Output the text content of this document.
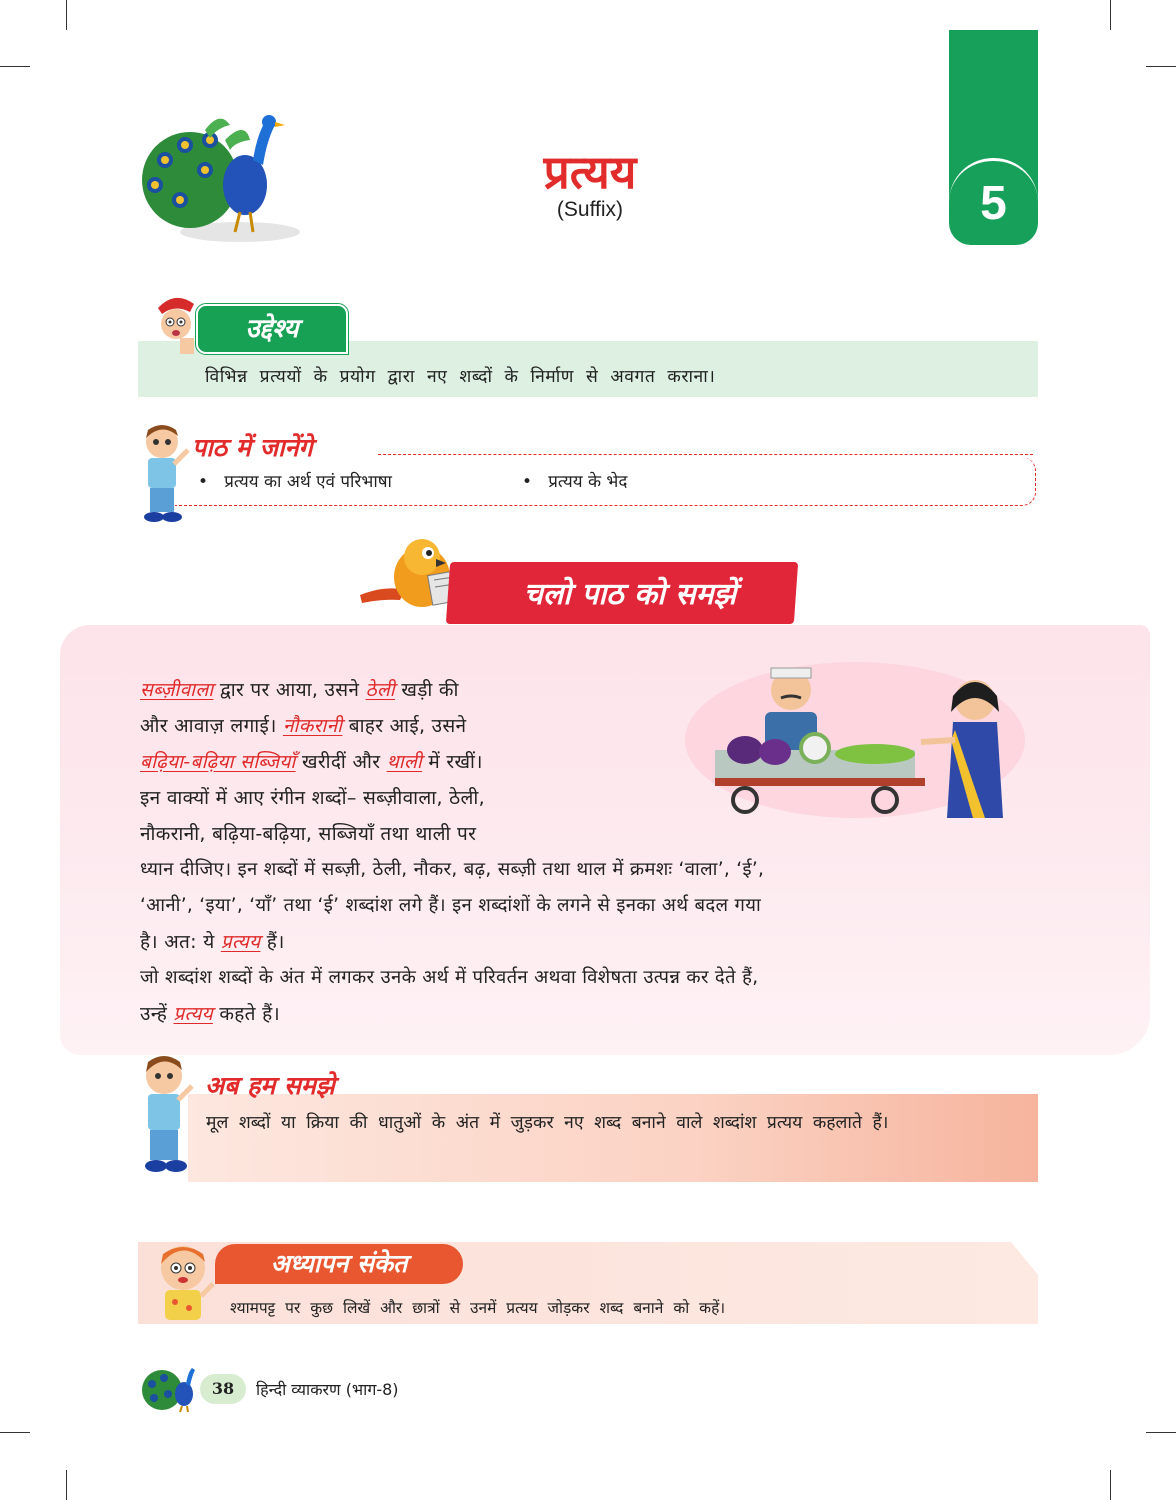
प्रत्यय
(Suffix)	5
विभिन्न प्रत्ययों के प्रयोग द्वारा नए शब्दों के निर्माण से अवगत कराना।
उद्देश्य
पाठ में जानेंगे
•   प्रत्यय का अर्थ एवं परिभाषा	•   प्रत्यय के भेद
चलो पाठ को समझें
सब्ज़ीवाला द्वार पर आया, उसने ठेली खड़ी की
और आवाज़ लगाई। नौकरानी बाहर आई, उसने
बढ़िया-बढ़िया सब्जियाँ खरीदीं और थाली में रखीं।
इन वाक्यों में आए रंगीन शब्दों– सब्ज़ीवाला, ठेली,
नौकरानी, बढ़िया-बढ़िया, सब्जियाँ तथा थाली पर
ध्यान दीजिए। इन शब्दों में सब्ज़ी, ठेली, नौकर, बढ़, सब्ज़ी तथा थाल में क्रमशः ‘वाला’, ‘ई’,
‘आनी’, ‘इया’, ‘याँ’ तथा ‘ई’ शब्दांश लगे हैं। इन शब्दांशों के लगने से इनका अर्थ बदल गया
है। अत: ये प्रत्यय हैं।
जो शब्दांश शब्दों के अंत में लगकर उनके अर्थ में परिवर्तन अथवा विशेषता उत्पन्न कर देते हैं,
उन्हें प्रत्यय कहते हैं।
अब हम समझे
मूल शब्दों या क्रिया की धातुओं के अंत में जुड़कर नए शब्द बनाने वाले शब्दांश प्रत्यय कहलाते हैं।
अध्यापन संकेत
श्यामपट्ट पर कुछ लिखें और छात्रों से उनमें प्रत्यय जोड़कर शब्द बनाने को कहें।
38	हिन्दी व्याकरण (भाग-8)
